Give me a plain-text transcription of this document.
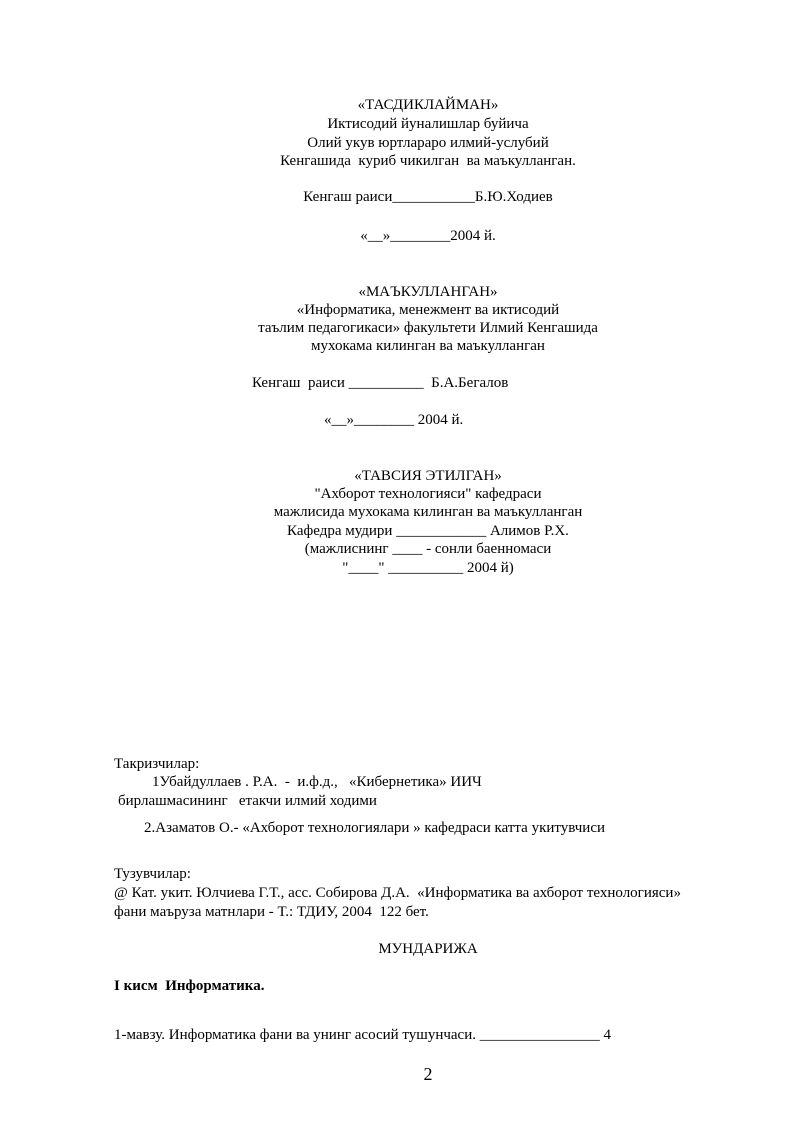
«ТАСДИКЛАЙМАН»
Иктисодий йуналишлар буйича
Олий укув юртлараро илмий-услубий
Кенгашида  куриб чикилган  ва маъкулланган.
Кенгаш раиси___________Б.Ю.Ходиев
«__»________2004 й.
«МАЪКУЛЛАНГАН»
«Информатика, менежмент ва иктисодий
таълим педагогикаси» факультети Илмий Кенгашида
мухокама килинган ва маъкулланган
Кенгаш  раиси __________  Б.А.Бегалов
«__»________ 2004 й.
«ТАВСИЯ ЭТИЛГАН»
"Ахборот технологияси" кафедраси
мажлисида мухокама килинган ва маъкулланган
Кафедра мудири ____________ Алимов Р.Х.
(мажлиснинг ____ - сонли баенномаси
"____" __________ 2004 й)
Такризчилар:
1Убайдуллаев . Р.А.  -  и.ф.д.,   «Кибернетика» ИИЧ
бирлашмасининг   етакчи илмий ходими
2.Азаматов О.- «Ахборот технологиялари » кафедраси катта укитувчиси
Тузувчилар:
@ Кат. укит. Юлчиева Г.Т., асс. Собирова Д.А.  «Информатика ва ахборот технологияси»
фани маъруза матнлари - Т.: ТДИУ, 2004  122 бет.
МУНДАРИЖА
I кисм  Информатика.
1-мавзу. Информатика фани ва унинг асосий тушунчаси. ________________ 4
2
